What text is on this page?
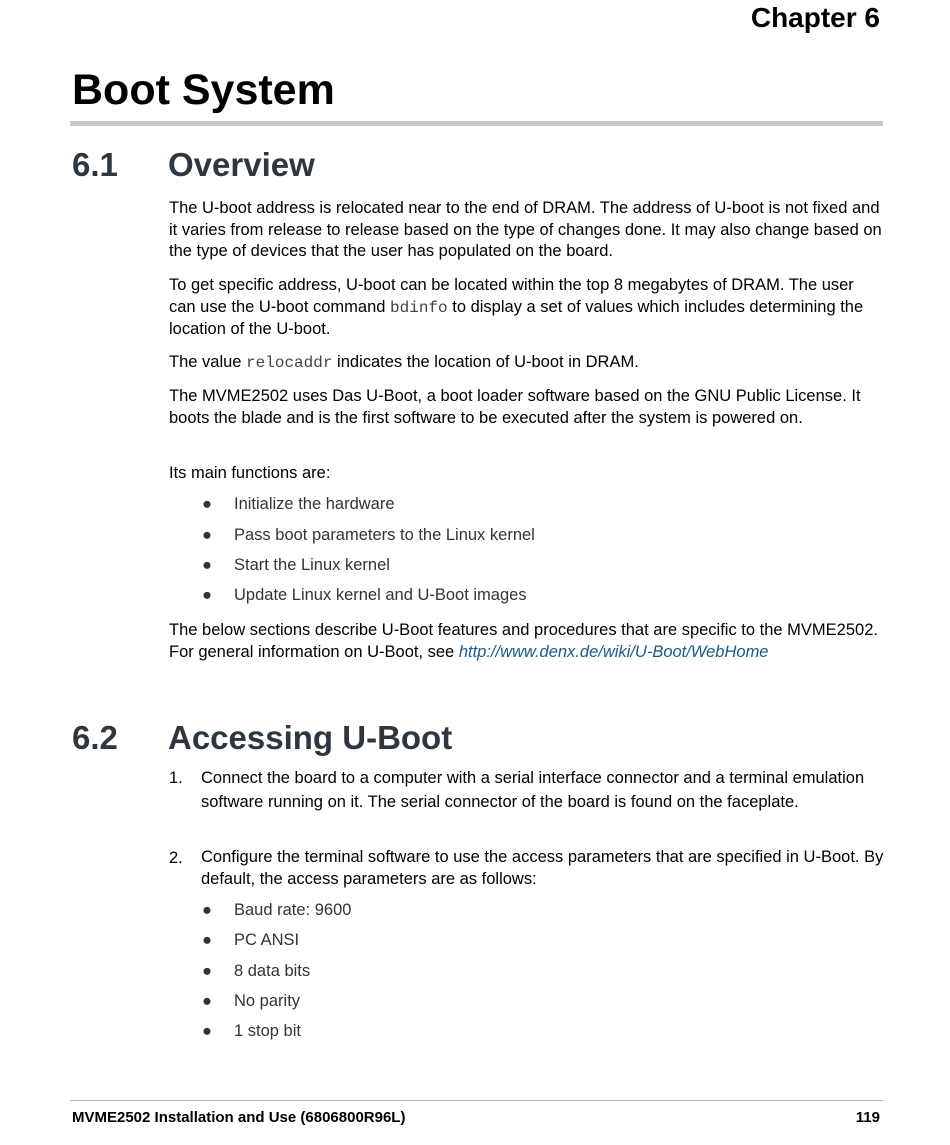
Chapter 6
Boot System
6.1 Overview

The U-boot address is relocated near to the end of DRAM. The address of U-boot is not fixed and it varies from release to release based on the type of changes done. It may also change based on the type of devices that the user has populated on the board.

To get specific address, U-boot can be located within the top 8 megabytes of DRAM. The user can use the U-boot command bdinfo to display a set of values which includes determining the location of the U-boot.

The value relocaddr indicates the location of U-boot in DRAM.

The MVME2502 uses Das U-Boot, a boot loader software based on the GNU Public License. It boots the blade and is the first software to be executed after the system is powered on.

Its main functions are:

● Initialize the hardware
● Pass boot parameters to the Linux kernel
● Start the Linux kernel
● Update Linux kernel and U-Boot images

The below sections describe U-Boot features and procedures that are specific to the MVME2502. For general information on U-Boot, see http://www.denx.de/wiki/U-Boot/WebHome

6.2 Accessing U-Boot
1. Connect the board to a computer with a serial interface connector and a terminal emulation software running on it. The serial connector of the board is found on the faceplate.
2. Configure the terminal software to use the access parameters that are specified in U-Boot. By default, the access parameters are as follows:
● Baud rate: 9600
● PC ANSI
● 8 data bits
● No parity
● 1 stop bit

MVME2502 Installation and Use (6806800R96L)	119
